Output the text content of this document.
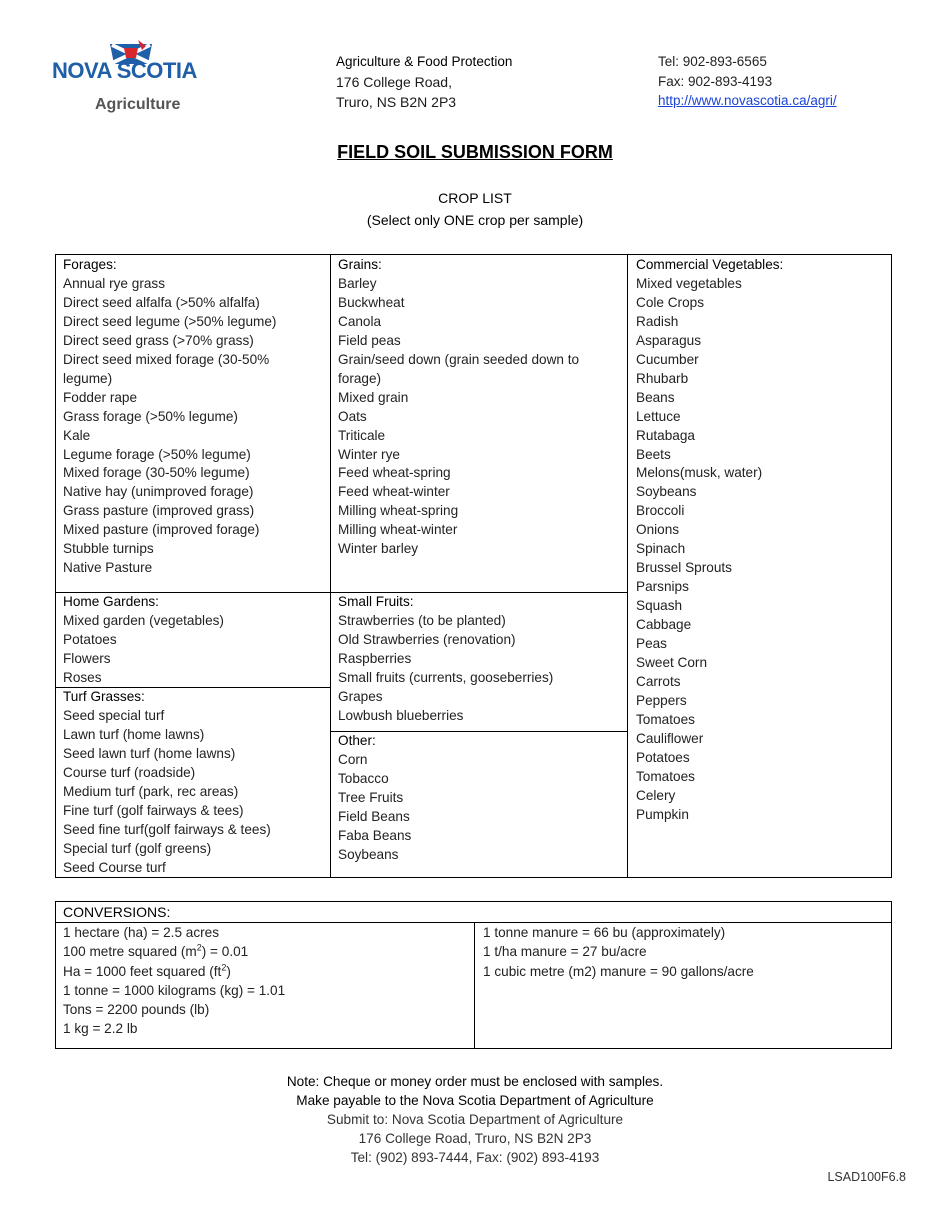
NOVA SCOTIA
Agriculture
Agriculture & Food Protection
176 College Road,
Truro, NS B2N 2P3
Tel: 902-893-6565
Fax: 902-893-4193
http://www.novascotia.ca/agri/
FIELD SOIL SUBMISSION FORM
CROP LIST
(Select only ONE crop per sample)
Forages:
Annual rye grass
Direct seed alfalfa (>50% alfalfa)
Direct seed legume (>50% legume)
Direct seed grass (>70% grass)
Direct seed mixed forage (30-50%
legume)
Fodder rape
Grass forage (>50% legume)
Kale
Legume forage (>50% legume)
Mixed forage (30-50% legume)
Native hay (unimproved forage)
Grass pasture (improved grass)
Mixed pasture (improved forage)
Stubble turnips
Native Pasture
Grains:
Barley
Buckwheat
Canola
Field peas
Grain/seed down (grain seeded down to
forage)
Mixed grain
Oats
Triticale
Winter rye
Feed wheat-spring
Feed wheat-winter
Milling wheat-spring
Milling wheat-winter
Winter barley
Commercial Vegetables:
Mixed vegetables
Cole Crops
Radish
Asparagus
Cucumber
Rhubarb
Beans
Lettuce
Rutabaga
Beets
Melons(musk, water)
Soybeans
Broccoli
Onions
Spinach
Brussel Sprouts
Parsnips
Squash
Cabbage
Peas
Sweet Corn
Carrots
Peppers
Tomatoes
Cauliflower
Potatoes
Tomatoes
Celery
Pumpkin
Home Gardens:
Mixed garden (vegetables)
Potatoes
Flowers
Roses
Turf Grasses:
Seed special turf
Lawn turf (home lawns)
Seed lawn turf (home lawns)
Course turf (roadside)
Medium turf (park, rec areas)
Fine turf (golf fairways & tees)
Seed fine turf(golf fairways & tees)
Special turf (golf greens)
Seed Course turf
Small Fruits:
Strawberries (to be planted)
Old Strawberries (renovation)
Raspberries
Small fruits (currents, gooseberries)
Grapes
Lowbush blueberries
Other:
Corn
Tobacco
Tree Fruits
Field Beans
Faba Beans
Soybeans
CONVERSIONS:
1 hectare (ha) = 2.5 acres
100 metre squared $(m^2) = 0.01$
Ha = 1000 feet squared $(ft^2)$
1 tonne = 1000 kilograms (kg) = 1.01
Tons = 2200 pounds (lb)
1 kg = 2.2 lb
1 tonne manure = 66 bu (approximately)
1 t/ha manure = 27 bu/acre
1 cubic metre (m2) manure = 90 gallons/acre
Note: Cheque or money order must be enclosed with samples.
Make payable to the Nova Scotia Department of Agriculture
Submit to: Nova Scotia Department of Agriculture
176 College Road, Truro, NS B2N 2P3
Tel: (902) 893-7444, Fax: (902) 893-4193
LSAD100F6.8
